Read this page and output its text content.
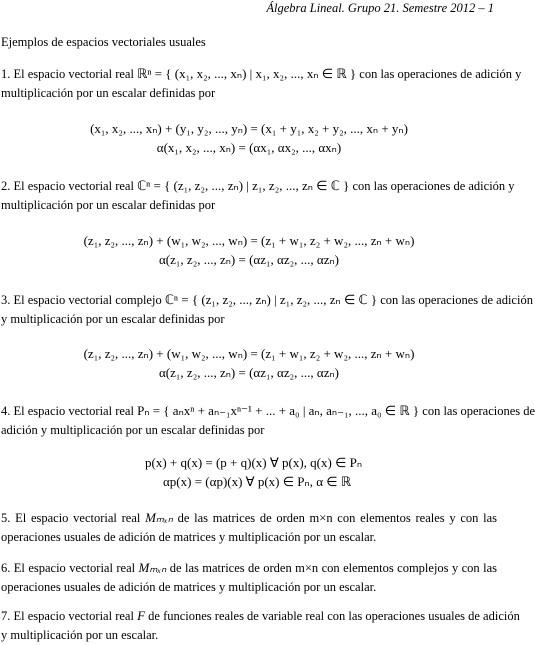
Álgebra Lineal. Grupo 21. Semestre 2012 – 1
Ejemplos de espacios vectoriales usuales
1. El espacio vectorial real ℝⁿ = { (x₁, x₂, ..., xₙ) | x₁, x₂, ..., xₙ ∈ ℝ } con las operaciones de adición y
multiplicación por un escalar definidas por
(x₁, x₂, ..., xₙ) + (y₁, y₂, ..., yₙ) = (x₁ + y₁, x₂ + y₂, ..., xₙ + yₙ)
α(x₁, x₂, ..., xₙ) = (αx₁, αx₂, ..., αxₙ)
2. El espacio vectorial real ℂⁿ = { (z₁, z₂, ..., zₙ) | z₁, z₂, ..., zₙ ∈ ℂ } con las operaciones de adición y
multiplicación por un escalar definidas por
(z₁, z₂, ..., zₙ) + (w₁, w₂, ..., wₙ) = (z₁ + w₁, z₂ + w₂, ..., zₙ + wₙ)
α(z₁, z₂, ..., zₙ) = (αz₁, αz₂, ..., αzₙ)
3. El espacio vectorial complejo ℂⁿ = { (z₁, z₂, ..., zₙ) | z₁, z₂, ..., zₙ ∈ ℂ } con las operaciones de adición
y multiplicación por un escalar definidas por
(z₁, z₂, ..., zₙ) + (w₁, w₂, ..., wₙ) = (z₁ + w₁, z₂ + w₂, ..., zₙ + wₙ)
α(z₁, z₂, ..., zₙ) = (αz₁, αz₂, ..., αzₙ)
4. El espacio vectorial real Pₙ = { aₙxⁿ + aₙ₋₁xⁿ⁻¹ + ... + a₀ | aₙ, aₙ₋₁, ..., a₀ ∈ ℝ } con las operaciones de
adición y multiplicación por un escalar definidas por
p(x) + q(x) = (p + q)(x) ∀ p(x), q(x) ∈ Pₙ
αp(x) = (αp)(x) ∀ p(x) ∈ Pₙ, α ∈ ℝ
5. El espacio vectorial real Mₘₓₙ de las matrices de orden m×n con elementos reales y con las
operaciones usuales de adición de matrices y multiplicación por un escalar.
6. El espacio vectorial real Mₘₓₙ de las matrices de orden m×n con elementos complejos y con las
operaciones usuales de adición de matrices y multiplicación por un escalar.
7. El espacio vectorial real F de funciones reales de variable real con las operaciones usuales de adición
y multiplicación por un escalar.
